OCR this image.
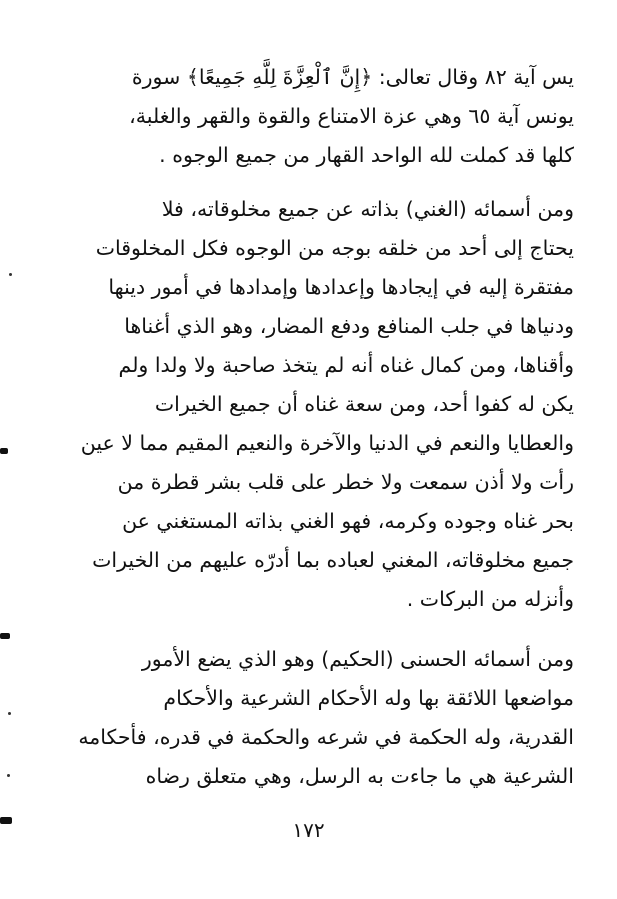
يس آية ٨٢ وقال تعالى: ﴿إِنَّ ٱلْعِزَّةَ لِلَّهِ جَمِيعًا﴾ سورة
يونس آية ٦٥ وهي عزة الامتناع والقوة والقهر والغلبة،
كلها قد كملت لله الواحد القهار من جميع الوجوه .
ومن أسمائه (الغني) بذاته عن جميع مخلوقاته، فلا
يحتاج إلى أحد من خلقه بوجه من الوجوه فكل المخلوقات
مفتقرة إليه في إيجادها وإعدادها وإمدادها في أمور دينها
ودنياها في جلب المنافع ودفع المضار، وهو الذي أغناها
وأقناها، ومن كمال غناه أنه لم يتخذ صاحبة ولا ولدا ولم
يكن له كفوا أحد، ومن سعة غناه أن جميع الخيرات
والعطايا والنعم في الدنيا والآخرة والنعيم المقيم مما لا عين
رأت ولا أذن سمعت ولا خطر على قلب بشر قطرة من
بحر غناه وجوده وكرمه، فهو الغني بذاته المستغني عن
جميع مخلوقاته، المغني لعباده بما أدرّه عليهم من الخيرات
وأنزله من البركات .
ومن أسمائه الحسنى (الحكيم) وهو الذي يضع الأمور
مواضعها اللائقة بها وله الأحكام الشرعية والأحكام
القدرية، وله الحكمة في شرعه والحكمة في قدره، فأحكامه
الشرعية هي ما جاءت به الرسل، وهي متعلق رضاه
١٧٢
